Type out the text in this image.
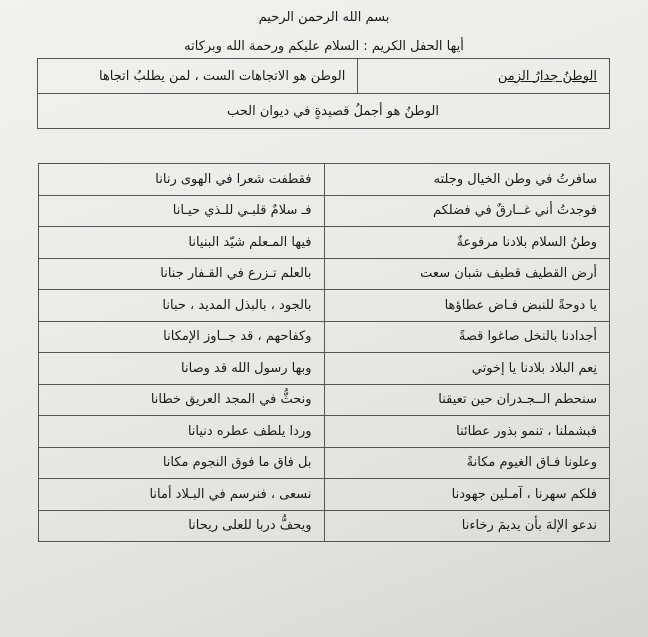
بسم الله الرحمن الرحيم
أيها الحفل الكريم : السلام عليكم ورحمة الله وبركاته
الوطنُ جدارُ الزمن	الوطن هو الاتجاهات الست ، لمن يطلبُ اتجاها
الوطنُ هو أجملُ قصيدةٍ في ديوان الحب
سافرتُ في وطن الخيال وجلته	فقطفت شعرا في الهوى رنانا
فوجدتُ أني غــارقٌ في فضلكم	فـ سلامٌ قلبـي للـذي حيـانا
وطنُ السلام بلادنا مرفوعةٌ	فيها المـعلم شيّد البنيانا
أرض القطيف قطيف شبان سعت	بالعلم تـزرع في القـفار جنانا
يا دوحةً للنبض فـاض عطاؤها	بالجود ، بالبذل المديد ، حبانا
أجدادنا بالنخل صاغوا قصةً	وكفاحهم ، قد جــاوز الإمكانا
نِعم البلاد بلادنا يا إخوتي	وبها رسول الله قد وصانا
سنحطم الــجـدران حين تعيقنا	ونحثُّ في المجد العريق خطانا
فبشملنا ، تنمو بذور عطائنا	وردا يلطف عطره دنيانا
وعلونا فـاق الغيوم مكانةً	بل فاق ما فوق النجوم مكانا
فلكم سهرنا ، آمـلين جهودنا	نسعى ، فنرسم في البـلاد أمانا
ندعو الإلهَ بأن يديمَ رخاءنا	ويحفُّ دربا للعلى ريحانا
